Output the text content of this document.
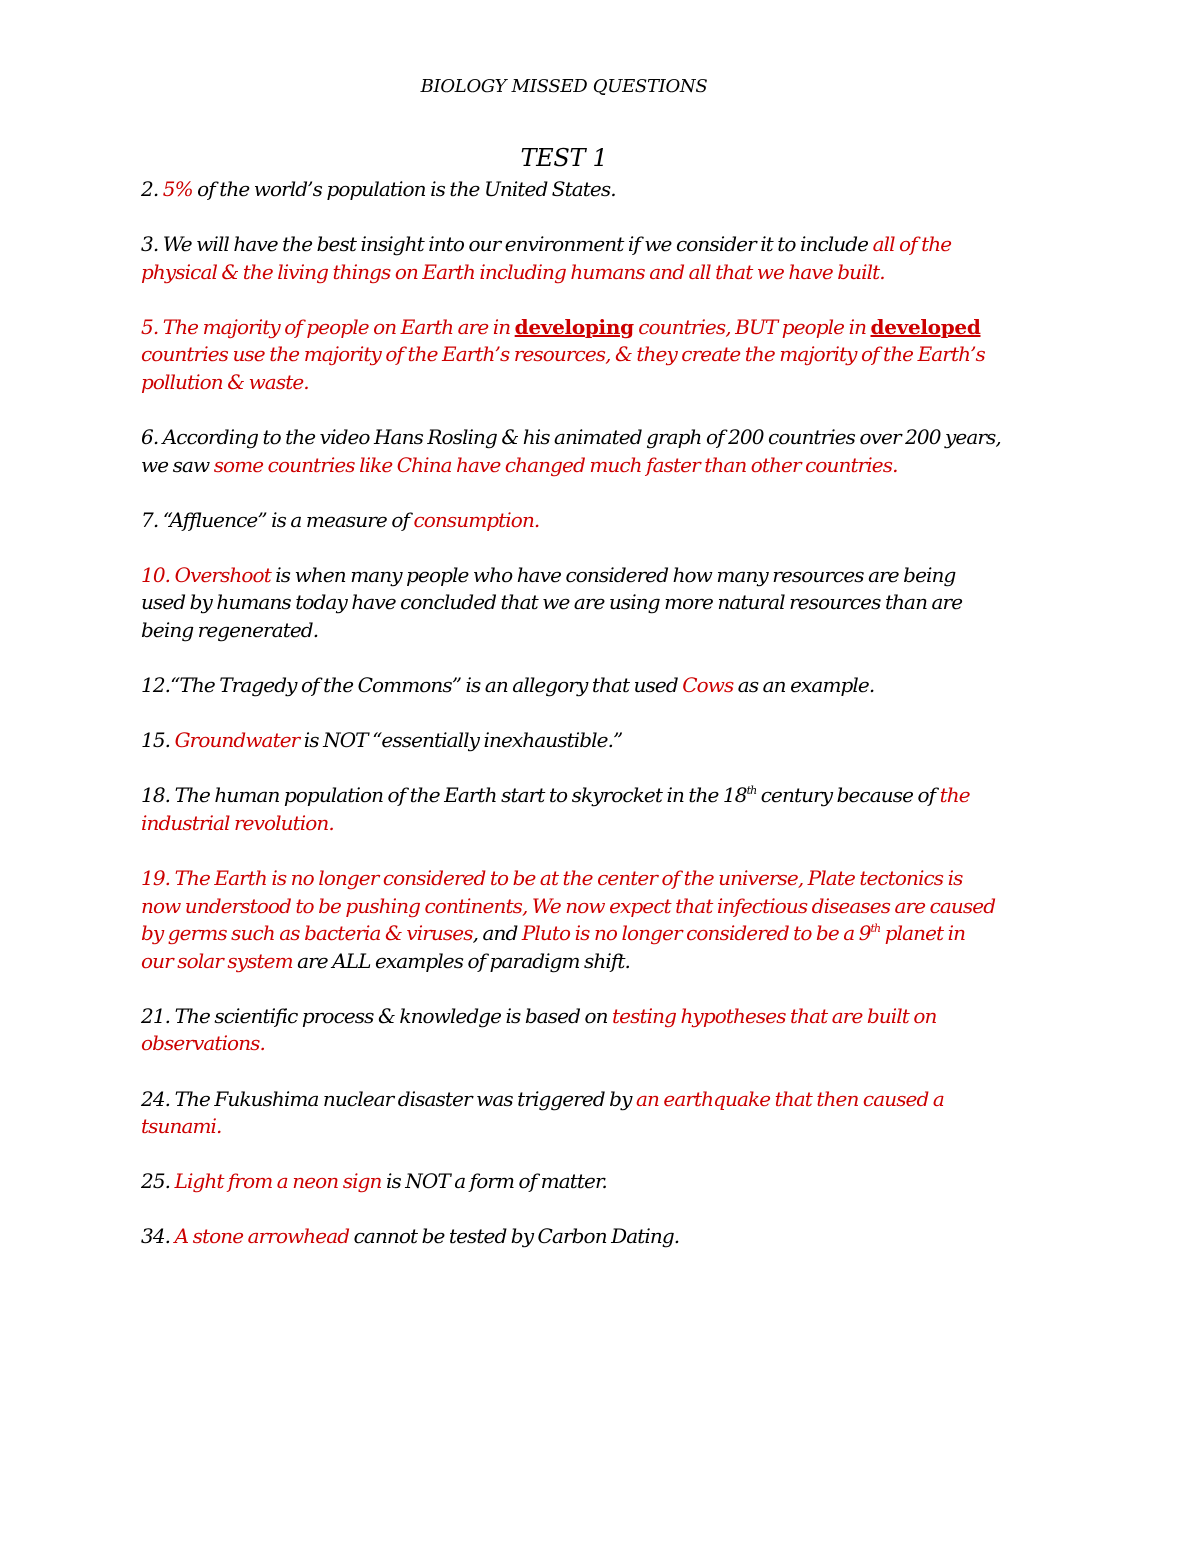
BIOLOGY MISSED QUESTIONS
TEST 1

2. 5% of the world’s population is the United States.

3. We will have the best insight into our environment if we consider it to include all of the physical & the living things on Earth including humans and all that we have built.

5. The majority of people on Earth are in developing countries, BUT people in developed countries use the majority of the Earth’s resources, & they create the majority of the Earth’s pollution & waste.

6. According to the video Hans Rosling & his animated graph of 200 countries over 200 years, we saw some countries like China have changed much faster than other countries.

7. “Affluence” is a measure of consumption.

10. Overshoot is when many people who have considered how many resources are being used by humans today have concluded that we are using more natural resources than are being regenerated.

12.“The Tragedy of the Commons” is an allegory that used Cows as an example.

15. Groundwater is NOT “essentially inexhaustible.”

18. The human population of the Earth start to skyrocket in the 18th century because of the industrial revolution.

19. The Earth is no longer considered to be at the center of the universe, Plate tectonics is now understood to be pushing continents, We now expect that infectious diseases are caused by germs such as bacteria & viruses, and Pluto is no longer considered to be a 9th planet in our solar system are ALL examples of paradigm shift.

21. The scientific process & knowledge is based on testing hypotheses that are built on observations.

24. The Fukushima nuclear disaster was triggered by an earthquake that then caused a tsunami.

25. Light from a neon sign is NOT a form of matter.

34. A stone arrowhead cannot be tested by Carbon Dating.
